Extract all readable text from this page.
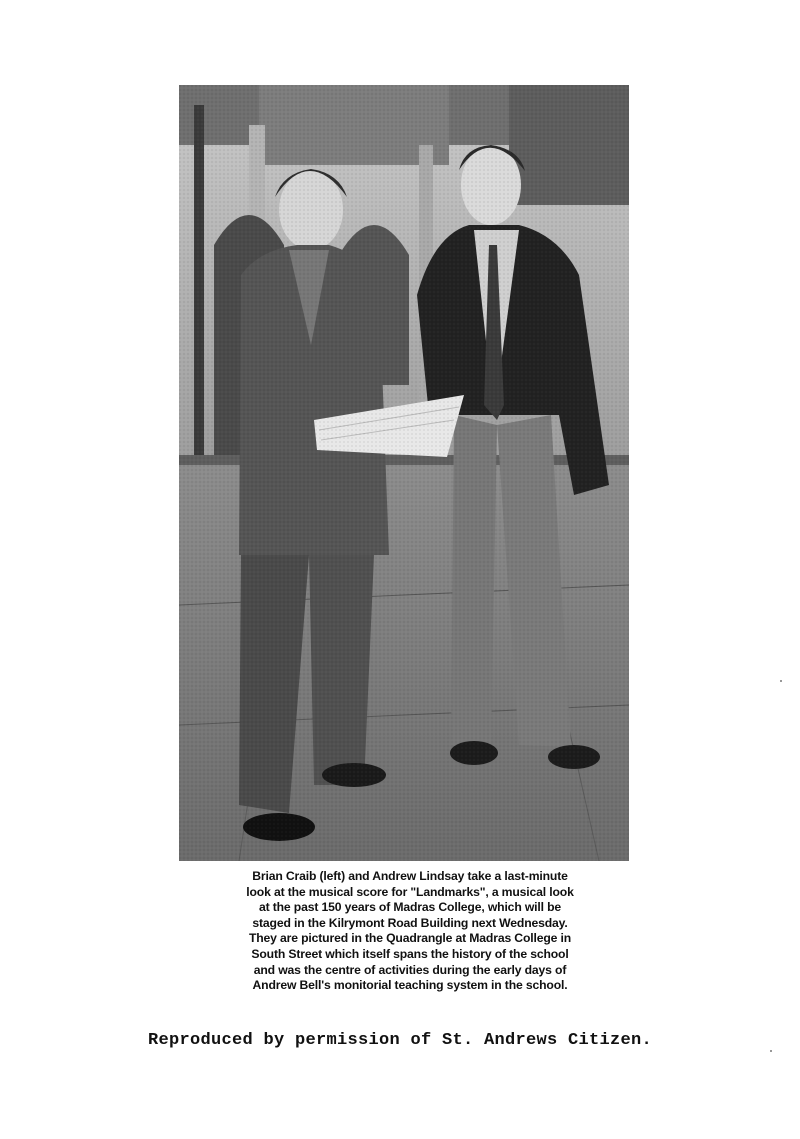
Brian Craib (left) and Andrew Lindsay take a last-minute
look at the musical score for "Landmarks", a musical look
at the past 150 years of Madras College, which will be
staged in the Kilrymont Road Building next Wednesday.
They are pictured in the Quadrangle at Madras College in
South Street which itself spans the history of the school
and was the centre of activities during the early days of
Andrew Bell's monitorial teaching system in the school.
Reproduced by permission of St. Andrews Citizen.
